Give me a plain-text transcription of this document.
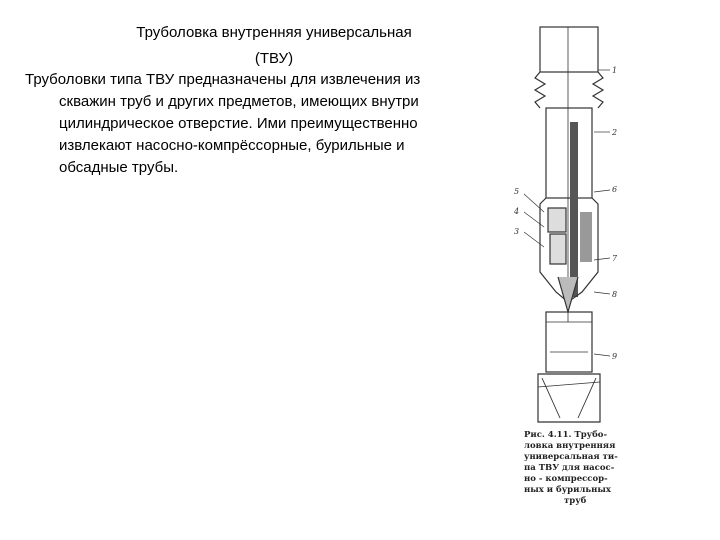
Труболовка внутренняя универсальная
(ТВУ)
Труболовки типа ТВУ предназначены для извлечения из
скважин труб и других предметов, имеющих внутри
цилиндрическое отверстие. Ими преимущественно
извлекают насосно-компрёссорные, бурильные и
обсадные трубы.
1
2
5
4
3
6
7
8
9
Рис. 4.11. Трубо-
ловка внутренняя
универсальная ти-
па ТВУ для насос-
но - компрессор-
ных и бурильных
труб
